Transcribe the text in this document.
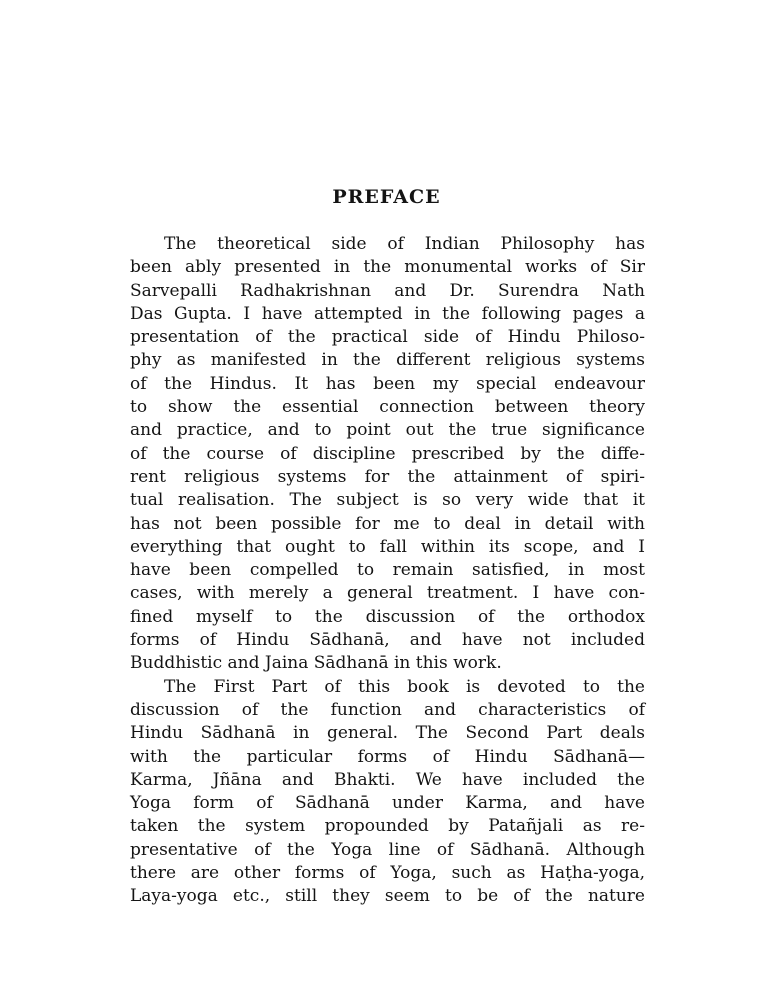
PREFACE
The theoretical side of Indian Philosophy has
been ably presented in the monumental works of Sir
Sarvepalli Radhakrishnan and Dr. Surendra Nath
Das Gupta. I have attempted in the following pages a
presentation of the practical side of Hindu Philoso-
phy as manifested in the different religious systems
of the Hindus. It has been my special endeavour
to show the essential connection between theory
and practice, and to point out the true significance
of the course of discipline prescribed by the diffe-
rent religious systems for the attainment of spiri-
tual realisation. The subject is so very wide that it
has not been possible for me to deal in detail with
everything that ought to fall within its scope, and I
have been compelled to remain satisfied, in most
cases, with merely a general treatment. I have con-
fined myself to the discussion of the orthodox
forms of Hindu Sādhanā, and have not included
Buddhistic and Jaina Sādhanā in this work.
The First Part of this book is devoted to the
discussion of the function and characteristics of
Hindu Sādhanā in general. The Second Part deals
with the particular forms of Hindu Sādhanā—
Karma, Jñāna and Bhakti. We have included the
Yoga form of Sādhanā under Karma, and have
taken the system propounded by Patañjali as re-
presentative of the Yoga line of Sādhanā. Although
there are other forms of Yoga, such as Haṭha-yoga,
Laya-yoga etc., still they seem to be of the nature
